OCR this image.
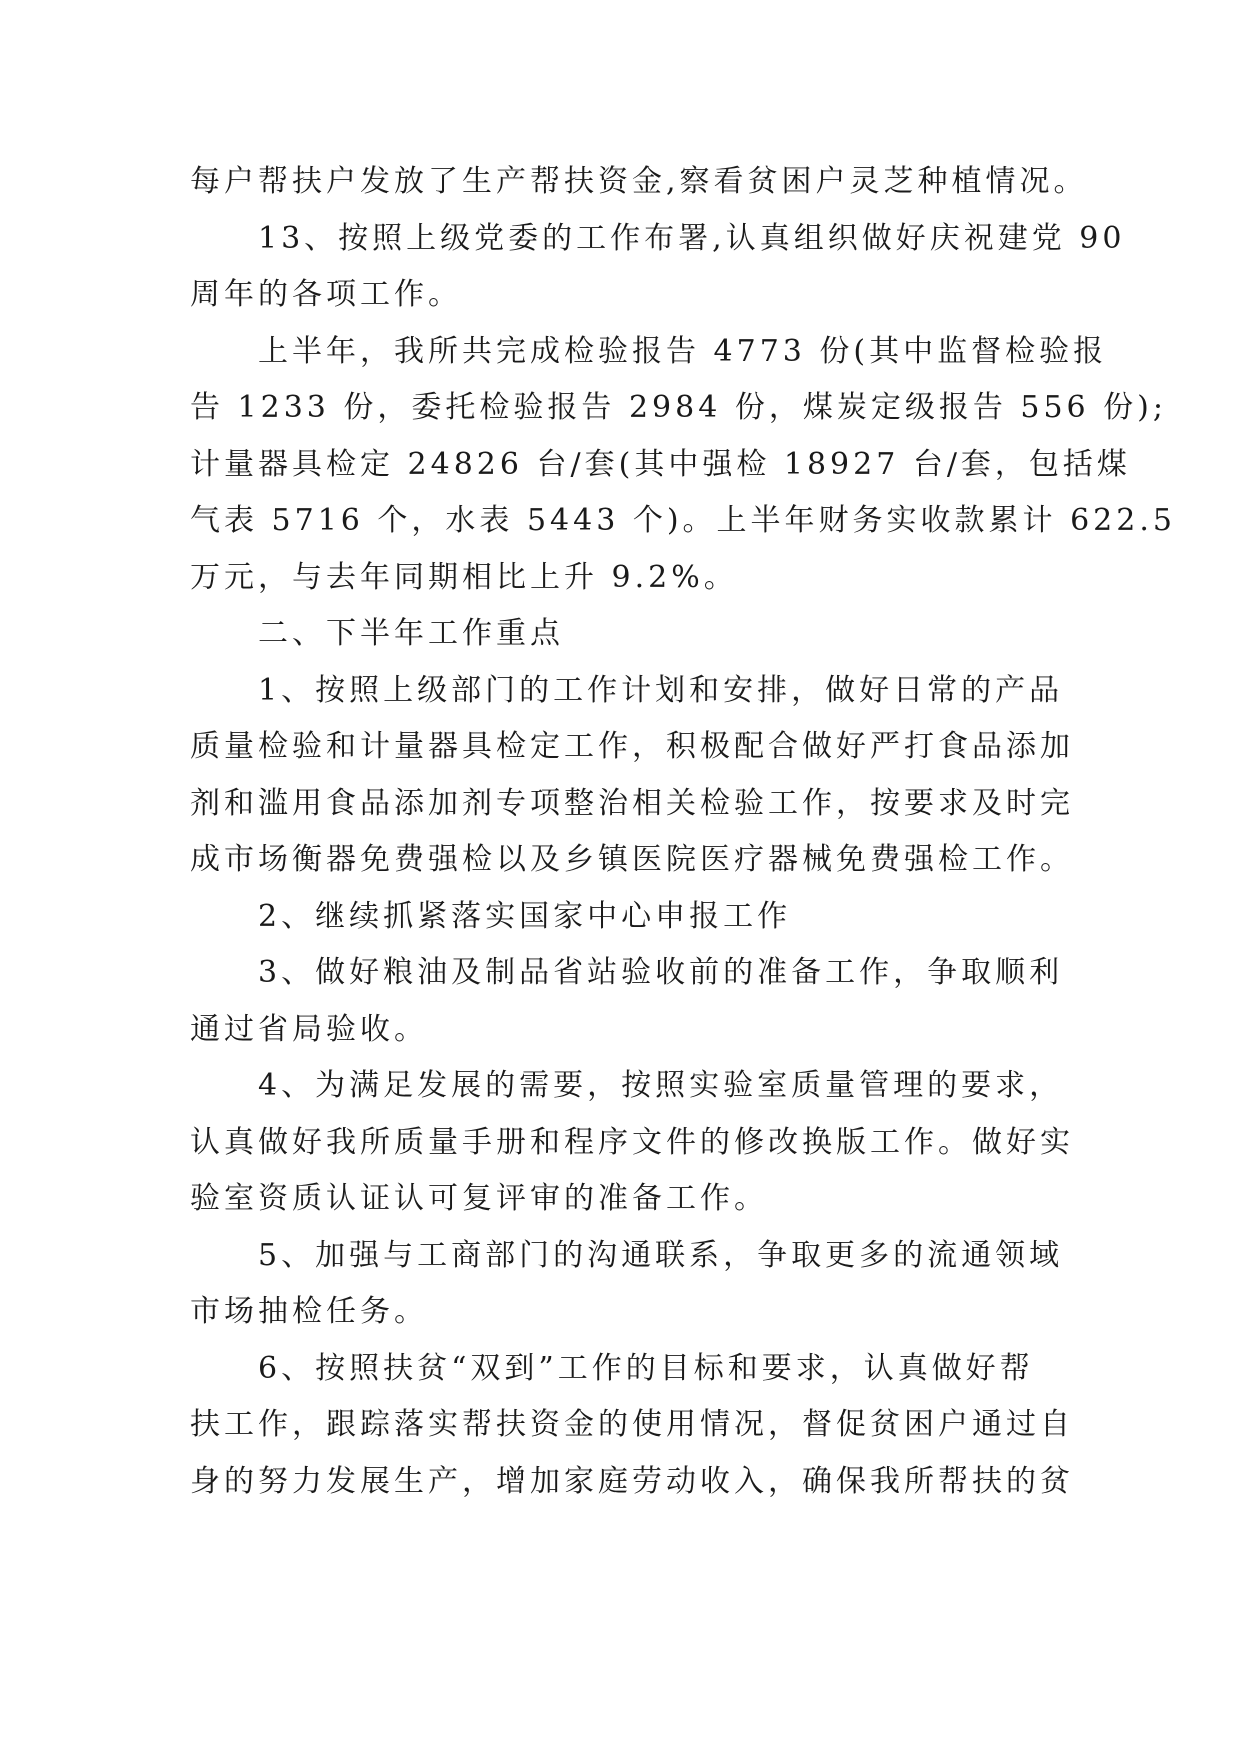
每户帮扶户发放了生产帮扶资金,察看贫困户灵芝种植情况。
13、按照上级党委的工作布署,认真组织做好庆祝建党 90
周年的各项工作。
上半年，我所共完成检验报告 4773 份(其中监督检验报
告 1233 份，委托检验报告 2984 份，煤炭定级报告 556 份);
计量器具检定 24826 台/套(其中强检 18927 台/套，包括煤
气表 5716 个，水表 5443 个)。上半年财务实收款累计 622.5
万元，与去年同期相比上升 9.2%。
二、下半年工作重点
1、按照上级部门的工作计划和安排，做好日常的产品
质量检验和计量器具检定工作，积极配合做好严打食品添加
剂和滥用食品添加剂专项整治相关检验工作，按要求及时完
成市场衡器免费强检以及乡镇医院医疗器械免费强检工作。
2、继续抓紧落实国家中心申报工作
3、做好粮油及制品省站验收前的准备工作，争取顺利
通过省局验收。
4、为满足发展的需要，按照实验室质量管理的要求，
认真做好我所质量手册和程序文件的修改换版工作。做好实
验室资质认证认可复评审的准备工作。
5、加强与工商部门的沟通联系，争取更多的流通领域
市场抽检任务。
6、按照扶贫“双到”工作的目标和要求，认真做好帮
扶工作，跟踪落实帮扶资金的使用情况，督促贫困户通过自
身的努力发展生产，增加家庭劳动收入，确保我所帮扶的贫
